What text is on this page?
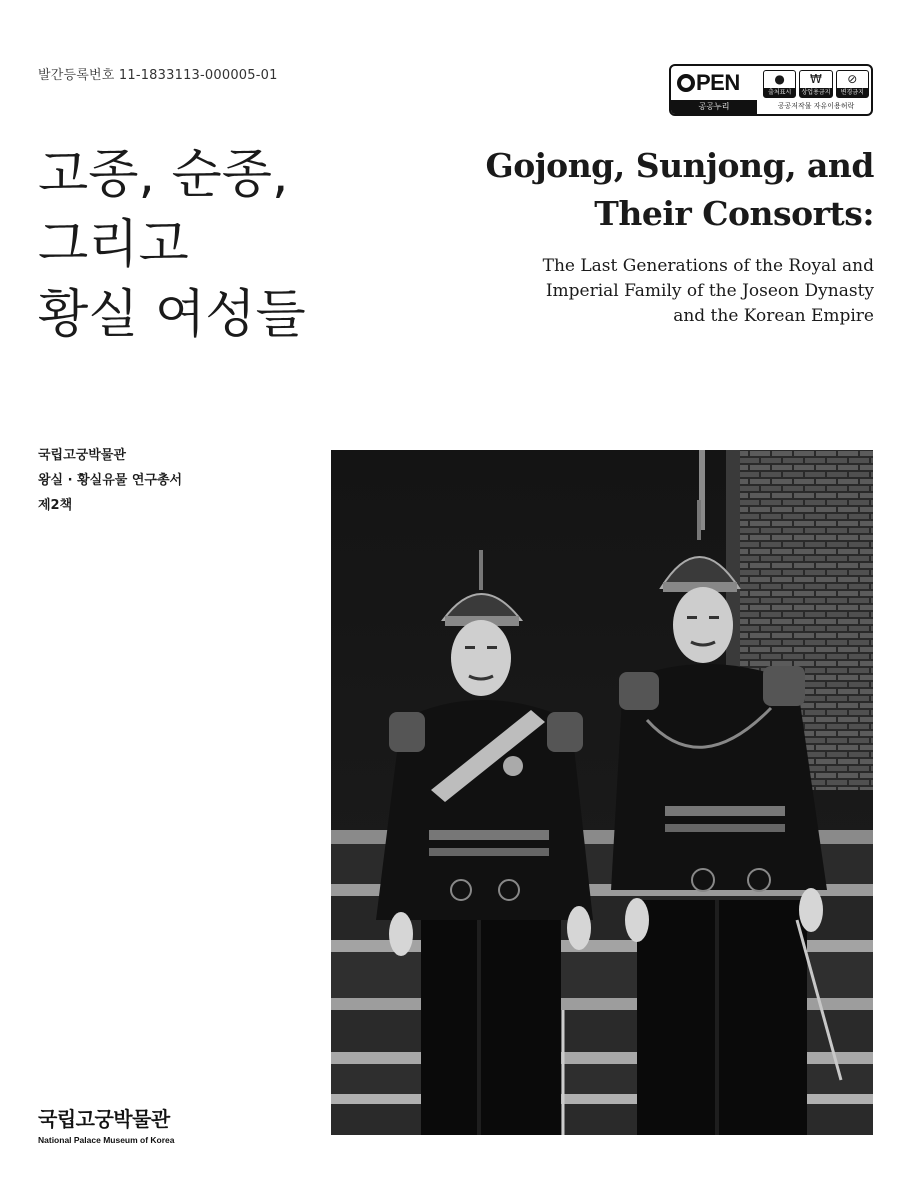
발간등록번호 11-1833113-000005-01	PEN
공공누리
●
출처표시
₩
상업용금지
⊘
변경금지
공공저작물 자유이용허락
고종, 순종,
그리고
황실 여성들
Gojong, Sunjong, and
Their Consorts:
The Last Generations of the Royal and
Imperial Family of the Joseon Dynasty
and the Korean Empire
국립고궁박물관
왕실 · 황실유물 연구총서
제2책
국립고궁박물관
National Palace Museum of Korea
